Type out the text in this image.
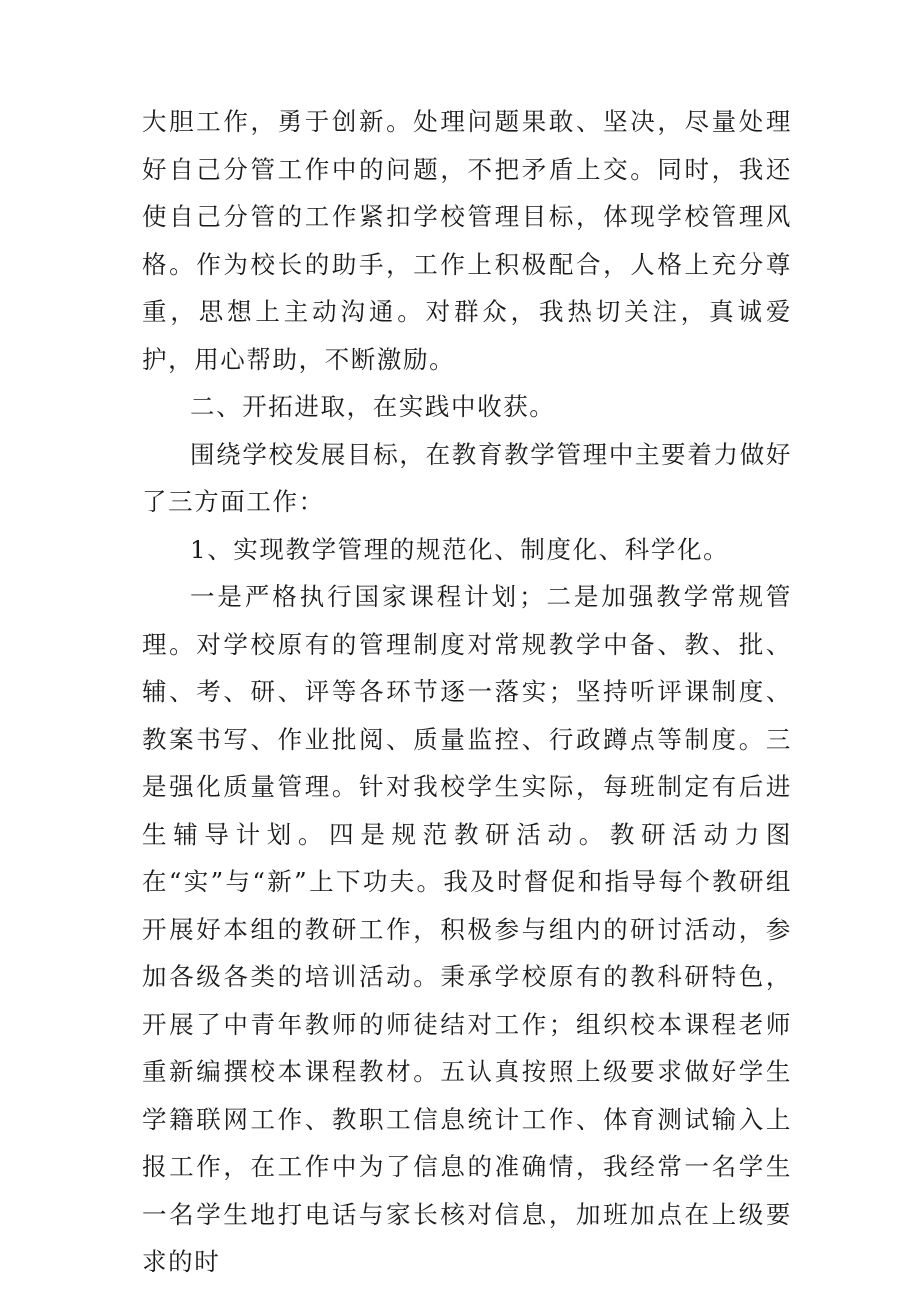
大胆工作，勇于创新。处理问题果敢、坚决，尽量处理好自己分管工作中的问题，不把矛盾上交。同时，我还使自己分管的工作紧扣学校管理目标，体现学校管理风格。作为校长的助手，工作上积极配合，人格上充分尊重，思想上主动沟通。对群众，我热切关注，真诚爱护，用心帮助，不断激励。

二、开拓进取，在实践中收获。

围绕学校发展目标，在教育教学管理中主要着力做好了三方面工作：

1、实现教学管理的规范化、制度化、科学化。

一是严格执行国家课程计划；二是加强教学常规管理。对学校原有的管理制度对常规教学中备、教、批、辅、考、研、评等各环节逐一落实；坚持听评课制度、教案书写、作业批阅、质量监控、行政蹲点等制度。三是强化质量管理。针对我校学生实际，每班制定有后进生辅导计划。四是规范教研活动。教研活动力图在“实”与“新”上下功夫。我及时督促和指导每个教研组开展好本组的教研工作，积极参与组内的研讨活动，参加各级各类的培训活动。秉承学校原有的教科研特色，开展了中青年教师的师徒结对工作；组织校本课程老师重新编撰校本课程教材。五认真按照上级要求做好学生学籍联网工作、教职工信息统计工作、体育测试输入上报工作，在工作中为了信息的准确情，我经常一名学生一名学生地打电话与家长核对信息，加班加点在上级要求的时
